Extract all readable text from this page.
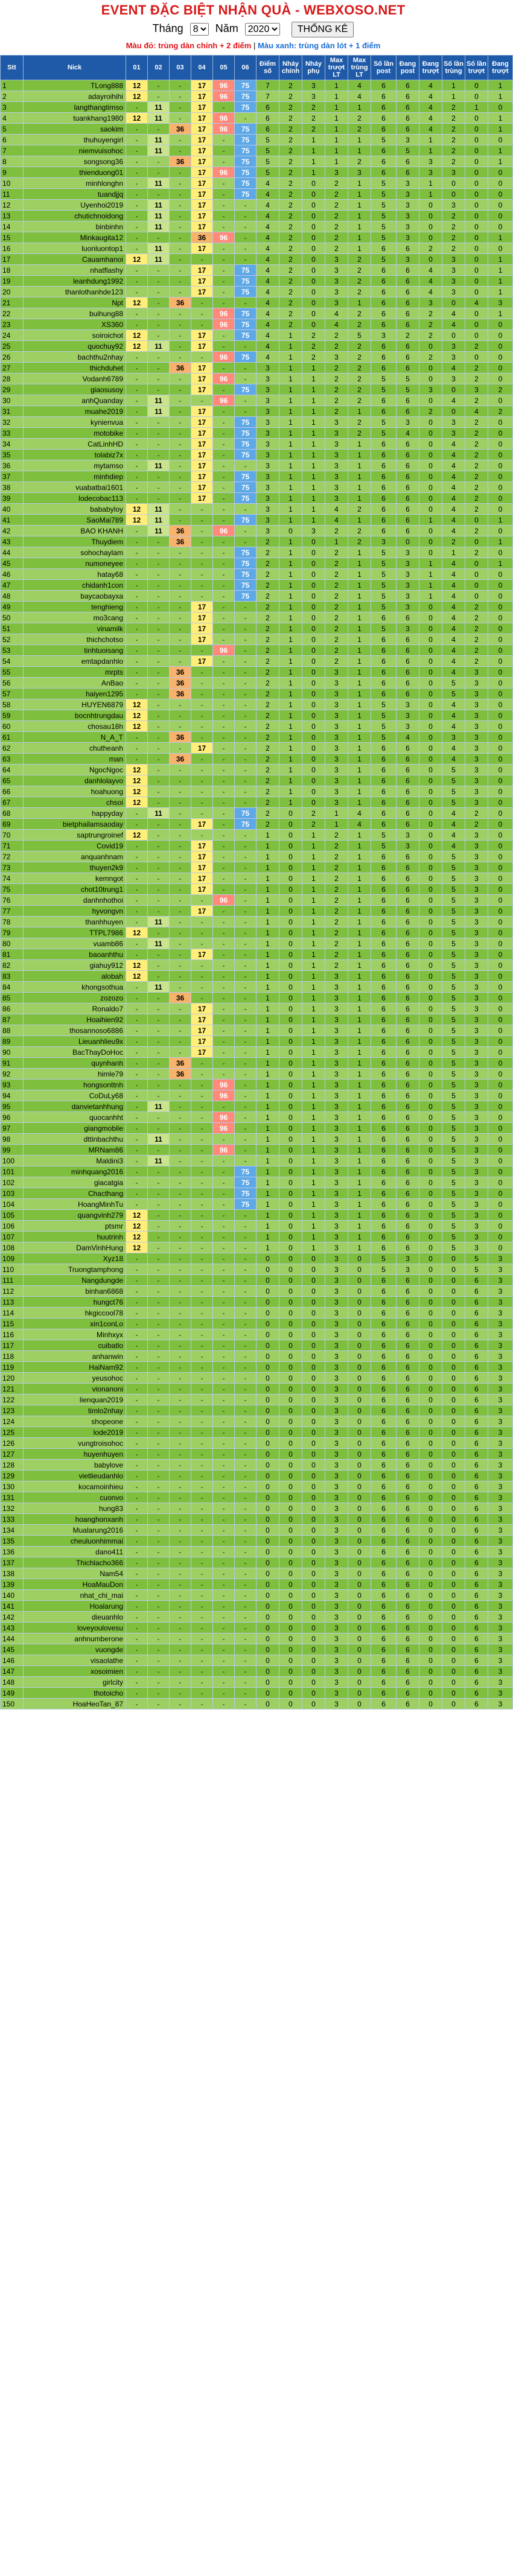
EVENT ĐẶC BIỆT NHẬN QUÀ - WEBXOSO.NET
Tháng
8	Năm
2020	THỐNG KÊ
Màu đỏ: trùng dàn chính + 2 điểm | Màu xanh: trùng dàn lót + 1 điểm
Stt	Nick	01	02	03	04	05	06	Điểm số	Nháy chính	Nháy phụ	Max trượt LT	Max trùng LT	Số lần post	Đang post	Đang trượt	Số lần trùng	Số lần trượt	Đang trượt
1	TLong888	12	-	-	17	96	75	7	2	3	1	4	6	6	4	1	0	1
2	adayroihihi	12	-	-	17	96	75	7	2	3	1	4	6	6	4	1	0	1
3	langthangtimso	-	11	-	17	-	75	6	2	2	1	1	6	6	4	2	1	0
4	tuankhang1980	12	11	-	17	96	-	6	2	2	1	2	6	6	4	2	0	1
5	saokim	-	-	36	17	96	75	6	2	2	1	2	6	6	4	2	0	1
6	thuhuyengirl	-	11	-	17	-	75	5	2	1	1	1	5	3	1	2	0	0
7	niemvuisohoc	-	11	-	17	-	75	5	2	1	1	1	6	5	1	2	0	1
8	songsong36	-	-	36	17	-	75	5	2	1	1	2	6	6	3	2	0	1
9	thienduong01	-	-	-	17	96	75	5	2	1	3	3	6	6	3	3	0	0
10	minhlonghn	-	11	-	17	-	75	4	2	0	2	1	5	3	1	0	0	0
11	tuandjjq	-	-	-	17	-	75	4	2	0	2	1	5	3	1	0	0	0
12	Uyenhoi2019	-	11	-	17	-	-	4	2	0	2	1	5	3	0	3	0	0
13	chutichnoidong	-	11	-	17	-	-	4	2	0	2	1	5	3	0	2	0	0
14	binbinhn	-	11	-	17	-	-	4	2	0	2	1	5	3	0	2	0	0
15	Minkaugita12	-	-	-	36	96	-	4	2	0	2	1	5	3	0	2	0	1
16	luonluontop1	-	11	-	17	-	-	4	2	0	2	1	6	6	2	2	0	0
17	Cauamhanoi	12	11	-	-	-	-	4	2	0	3	2	5	3	0	3	0	1
18	nhatflashy	-	-	-	17	-	75	4	2	0	3	2	6	6	4	3	0	1
19	leanhdung1992	-	-	-	17	-	75	4	2	0	3	2	6	6	4	3	0	1
20	thanlothanhde123	-	-	-	17	-	75	4	2	0	3	2	6	6	4	3	0	1
21	Npt	12	-	36	-	-	-	4	2	0	3	1	6	6	3	0	4	3
22	buihung88	-	-	-	-	96	75	4	2	0	4	2	6	6	2	4	0	1
23	XS360	-	-	-	-	96	75	4	2	0	4	2	6	6	2	4	0	0
24	soiroichot	12	-	-	17	-	75	4	1	2	2	5	3	2	2	0	0	0
25	quochuy92	12	11	-	17	-	-	4	1	2	2	2	6	6	0	3	2	0
26	bachthu2nhay	-	-	-	-	96	75	4	1	2	3	2	6	6	2	3	0	0
27	thichduhet	-	-	36	17	-	-	3	1	1	2	2	6	6	0	4	2	0
28	Vodanh6789	-	-	-	17	96	-	3	1	1	2	2	5	5	0	3	2	0
29	giaosusoy	-	-	-	17	-	75	3	1	1	2	2	5	5	3	0	3	2
30	anhQuanday	-	11	-	-	96	-	3	1	1	2	2	6	6	0	4	2	0
31	muahe2019	-	11	-	17	-	-	3	1	1	2	1	6	6	2	0	4	2
32	kynienvua	-	-	-	17	-	75	3	1	1	3	2	5	3	0	3	2	0
33	motobike	-	-	-	17	-	75	3	1	1	3	2	5	4	0	3	2	0
34	CatLinhHD	-	-	-	17	-	75	3	1	1	3	1	6	6	0	4	2	0
35	tolabiz7x	-	-	-	17	-	75	3	1	1	3	1	6	6	0	4	2	0
36	mytamso	-	11	-	17	-	-	3	1	1	3	1	6	6	0	4	2	0
37	minhdiep	-	-	-	17	-	75	3	1	1	3	1	6	6	0	4	2	0
38	vuabatbai1601	-	-	-	17	-	75	3	1	1	3	1	6	6	0	4	2	0
39	lodecobac113	-	-	-	17	-	75	3	1	1	3	1	6	6	0	4	2	0
40	bababyloy	12	11	-	-	-	-	3	1	1	4	2	6	6	0	4	2	0
41	SaoMai789	12	11	-	-	-	75	3	1	1	4	1	6	6	1	4	0	1
42	BAO KHANH	-	11	36	-	96	-	3	0	3	2	2	6	6	0	4	2	0
43	Thuydiem	-	-	36	-	-	-	2	1	0	1	2	3	0	0	2	0	1
44	sohochaylam	-	-	-	-	-	75	2	1	0	2	1	5	3	0	1	2	0
45	numoneyee	-	-	-	-	-	75	2	1	0	2	1	5	3	1	4	0	1
46	hatay68	-	-	-	-	-	75	2	1	0	2	1	5	3	1	4	0	0
47	chidanh1con	-	-	-	-	-	75	2	1	0	2	1	5	3	1	4	0	0
48	baycaobayxa	-	-	-	-	-	75	2	1	0	2	1	5	3	1	4	0	0
49	tenghieng	-	-	-	17	-	-	2	1	0	2	1	5	3	0	4	2	0
50	mo3cang	-	-	-	17	-	-	2	1	0	2	1	6	6	0	4	2	0
51	vinamilk	-	-	-	17	-	-	2	1	0	2	1	5	3	0	4	2	0
52	thichchotso	-	-	-	17	-	-	2	1	0	2	1	6	6	0	4	2	0
53	tinhtuoisang	-	-	-	-	96	-	2	1	0	2	1	6	6	0	4	2	0
54	emtapdanhlo	-	-	-	17	-	-	2	1	0	2	1	6	6	0	4	2	0
55	mrpts	-	-	36	-	-	-	2	1	0	3	1	6	6	0	4	3	0
56	AnBao	-	-	36	-	-	-	2	1	0	3	1	6	6	0	5	3	0
57	haiyen1295	-	-	36	-	-	-	2	1	0	3	1	6	6	0	5	3	0
58	HUYEN6879	12	-	-	-	-	-	2	1	0	3	1	5	3	0	4	3	0
59	bocnhtrungdau	12	-	-	-	-	-	2	1	0	3	1	5	3	0	4	3	0
60	chosau18h	12	-	-	-	-	-	2	1	0	3	1	5	3	0	4	3	0
61	N_A_T	-	-	36	-	-	-	2	1	0	3	1	5	4	0	3	3	0
62	chutheanh	-	-	-	17	-	-	2	1	0	3	1	6	6	0	4	3	0
63	man	-	-	36	-	-	-	2	1	0	3	1	6	6	0	4	3	0
64	NgocNgoc	12	-	-	-	-	-	2	1	0	3	1	6	6	0	5	3	0
65	danhlolayvo	12	-	-	-	-	-	2	1	0	3	1	6	6	0	5	3	0
66	hoahuong	12	-	-	-	-	-	2	1	0	3	1	6	6	0	5	3	0
67	chsoi	12	-	-	-	-	-	2	1	0	3	1	6	6	0	5	3	0
68	happyday	-	11	-	-	-	75	2	0	2	1	4	6	6	0	4	2	0
69	bietphailamsaoday	-	-	-	17	-	75	2	0	2	1	4	6	6	0	4	2	0
70	saptrungroinef	12	-	-	-	-	-	1	0	1	2	1	5	3	0	4	3	0
71	Covid19	-	-	-	17	-	-	1	0	1	2	1	5	3	0	4	3	0
72	anquanhnam	-	-	-	17	-	-	1	0	1	2	1	6	6	0	5	3	0
73	thuyen2k9	-	-	-	17	-	-	1	0	1	2	1	6	6	0	5	3	0
74	kemngot	-	-	-	17	-	-	1	0	1	2	1	6	6	0	5	3	0
75	chot10trung1	-	-	-	17	-	-	1	0	1	2	1	6	6	0	5	3	0
76	danhnhothoi	-	-	-	-	96	-	1	0	1	2	1	6	6	0	5	3	0
77	hyvongvn	-	-	-	17	-	-	1	0	1	2	1	6	6	0	5	3	0
78	thanhhuyen	-	11	-	-	-	-	1	0	1	2	1	6	6	0	5	3	0
79	TTPL7986	12	-	-	-	-	-	1	0	1	2	1	6	6	0	5	3	0
80	vuamb86	-	11	-	-	-	-	1	0	1	2	1	6	6	0	5	3	0
81	baoanhthu	-	-	-	17	-	-	1	0	1	2	1	6	6	0	5	3	0
82	giahuy912	12	-	-	-	-	-	1	0	1	2	1	6	6	0	5	3	0
83	alobah	12	-	-	-	-	-	1	0	1	3	1	6	6	0	5	3	0
84	khongsothua	-	11	-	-	-	-	1	0	1	3	1	6	6	0	5	3	0
85	zozozo	-	-	36	-	-	-	1	0	1	3	1	6	6	0	5	3	0
86	Ronaldo7	-	-	-	17	-	-	1	0	1	3	1	6	6	0	5	3	0
87	Hoaihien92	-	-	-	17	-	-	1	0	1	3	1	6	6	0	5	3	0
88	thosannoso6886	-	-	-	17	-	-	1	0	1	3	1	6	6	0	5	3	0
89	Lieuanhlieu9x	-	-	-	17	-	-	1	0	1	3	1	6	6	0	5	3	0
90	BacThayDoHoc	-	-	-	17	-	-	1	0	1	3	1	6	6	0	5	3	0
91	quynhanh	-	-	36	-	-	-	1	0	1	3	1	6	6	0	5	3	0
92	himle79	-	-	36	-	-	-	1	0	1	3	1	6	6	0	5	3	0
93	hongsonttnh	-	-	-	-	96	-	1	0	1	3	1	6	6	0	5	3	0
94	CoDuLy68	-	-	-	-	96	-	1	0	1	3	1	6	6	0	5	3	0
95	danvietanhhung	-	11	-	-	-	-	1	0	1	3	1	6	6	0	5	3	0
96	quocanhht	-	-	-	-	96	-	1	0	1	3	1	6	6	0	5	3	0
97	giangmobile	-	-	-	-	96	-	1	0	1	3	1	6	6	0	5	3	0
98	dttinbachthu	-	11	-	-	-	-	1	0	1	3	1	6	6	0	5	3	0
99	MRNam86	-	-	-	-	96	-	1	0	1	3	1	6	6	0	5	3	0
100	Maldini3	-	11	-	-	-	-	1	0	1	3	1	6	6	0	5	3	0
101	minhquang2016	-	-	-	-	-	75	1	0	1	3	1	6	6	0	5	3	0
102	giacatgia	-	-	-	-	-	75	1	0	1	3	1	6	6	0	5	3	0
103	Chacthang	-	-	-	-	-	75	1	0	1	3	1	6	6	0	5	3	0
104	HoangMinhTu	-	-	-	-	-	75	1	0	1	3	1	6	6	0	5	3	0
105	quangvinh279	12	-	-	-	-	-	1	0	1	3	1	6	6	0	5	3	0
106	ptsmr	12	-	-	-	-	-	1	0	1	3	1	6	6	0	5	3	0
107	huutrinh	12	-	-	-	-	-	1	0	1	3	1	6	6	0	5	3	0
108	DamVinhHung	12	-	-	-	-	-	1	0	1	3	1	6	6	0	5	3	0
109	Xyz18	-	-	-	-	-	-	0	0	0	3	0	5	3	0	0	5	3
110	Truongtamphong	-	-	-	-	-	-	0	0	0	3	0	5	3	0	0	5	3
111	Nangdungde	-	-	-	-	-	-	0	0	0	3	0	6	6	0	0	6	3
112	binhan6868	-	-	-	-	-	-	0	0	0	3	0	6	6	0	0	6	3
113	hungct76	-	-	-	-	-	-	0	0	0	3	0	6	6	0	0	6	3
114	hkgiccool78	-	-	-	-	-	-	0	0	0	3	0	6	6	0	0	6	3
115	xin1conLo	-	-	-	-	-	-	0	0	0	3	0	6	6	0	0	6	3
116	Minhxyx	-	-	-	-	-	-	0	0	0	3	0	6	6	0	0	6	3
117	cuibatlo	-	-	-	-	-	-	0	0	0	3	0	6	6	0	0	6	3
118	anhanwin	-	-	-	-	-	-	0	0	0	3	0	6	6	0	0	6	3
119	HaiNam92	-	-	-	-	-	-	0	0	0	3	0	6	6	0	0	6	3
120	yeusohoc	-	-	-	-	-	-	0	0	0	3	0	6	6	0	0	6	3
121	vionanoni	-	-	-	-	-	-	0	0	0	3	0	6	6	0	0	6	3
122	lienquan2019	-	-	-	-	-	-	0	0	0	3	0	6	6	0	0	6	3
123	timlo2nhay	-	-	-	-	-	-	0	0	0	3	0	6	6	0	0	6	3
124	shopeone	-	-	-	-	-	-	0	0	0	3	0	6	6	0	0	6	3
125	lode2019	-	-	-	-	-	-	0	0	0	3	0	6	6	0	0	6	3
126	vungtroisohoc	-	-	-	-	-	-	0	0	0	3	0	6	6	0	0	6	3
127	huyenhuyen	-	-	-	-	-	-	0	0	0	3	0	6	6	0	0	6	3
128	babylove	-	-	-	-	-	-	0	0	0	3	0	6	6	0	0	6	3
129	vietlieudanhlo	-	-	-	-	-	-	0	0	0	3	0	6	6	0	0	6	3
130	kocamoinhieu	-	-	-	-	-	-	0	0	0	3	0	6	6	0	0	6	3
131	cuonvo	-	-	-	-	-	-	0	0	0	3	0	6	6	0	0	6	3
132	hung83	-	-	-	-	-	-	0	0	0	3	0	6	6	0	0	6	3
133	hoanghonxanh	-	-	-	-	-	-	0	0	0	3	0	6	6	0	0	6	3
134	Mualarung2016	-	-	-	-	-	-	0	0	0	3	0	6	6	0	0	6	3
135	cheuluonhimmai	-	-	-	-	-	-	0	0	0	3	0	6	6	0	0	6	3
136	dano411	-	-	-	-	-	-	0	0	0	3	0	6	6	0	0	6	3
137	Thichlacho366	-	-	-	-	-	-	0	0	0	3	0	6	6	0	0	6	3
138	Nam54	-	-	-	-	-	-	0	0	0	3	0	6	6	0	0	6	3
139	HoaMauDon	-	-	-	-	-	-	0	0	0	3	0	6	6	0	0	6	3
140	nhat_chi_mai	-	-	-	-	-	-	0	0	0	3	0	6	6	0	0	6	3
141	Hoalarung	-	-	-	-	-	-	0	0	0	3	0	6	6	0	0	6	3
142	dieuanhlo	-	-	-	-	-	-	0	0	0	3	0	6	6	0	0	6	3
143	loveyoulovesu	-	-	-	-	-	-	0	0	0	3	0	6	6	0	0	6	3
144	anhnumberone	-	-	-	-	-	-	0	0	0	3	0	6	6	0	0	6	3
145	vuongde	-	-	-	-	-	-	0	0	0	3	0	6	6	0	0	6	3
146	visaolathe	-	-	-	-	-	-	0	0	0	3	0	6	6	0	0	6	3
147	xosoimien	-	-	-	-	-	-	0	0	0	3	0	6	6	0	0	6	3
148	girlcity	-	-	-	-	-	-	0	0	0	3	0	6	6	0	0	6	3
149	thotoicho	-	-	-	-	-	-	0	0	0	3	0	6	6	0	0	6	3
150	HoaHeoTan_87	-	-	-	-	-	-	0	0	0	3	0	6	6	0	0	6	3
